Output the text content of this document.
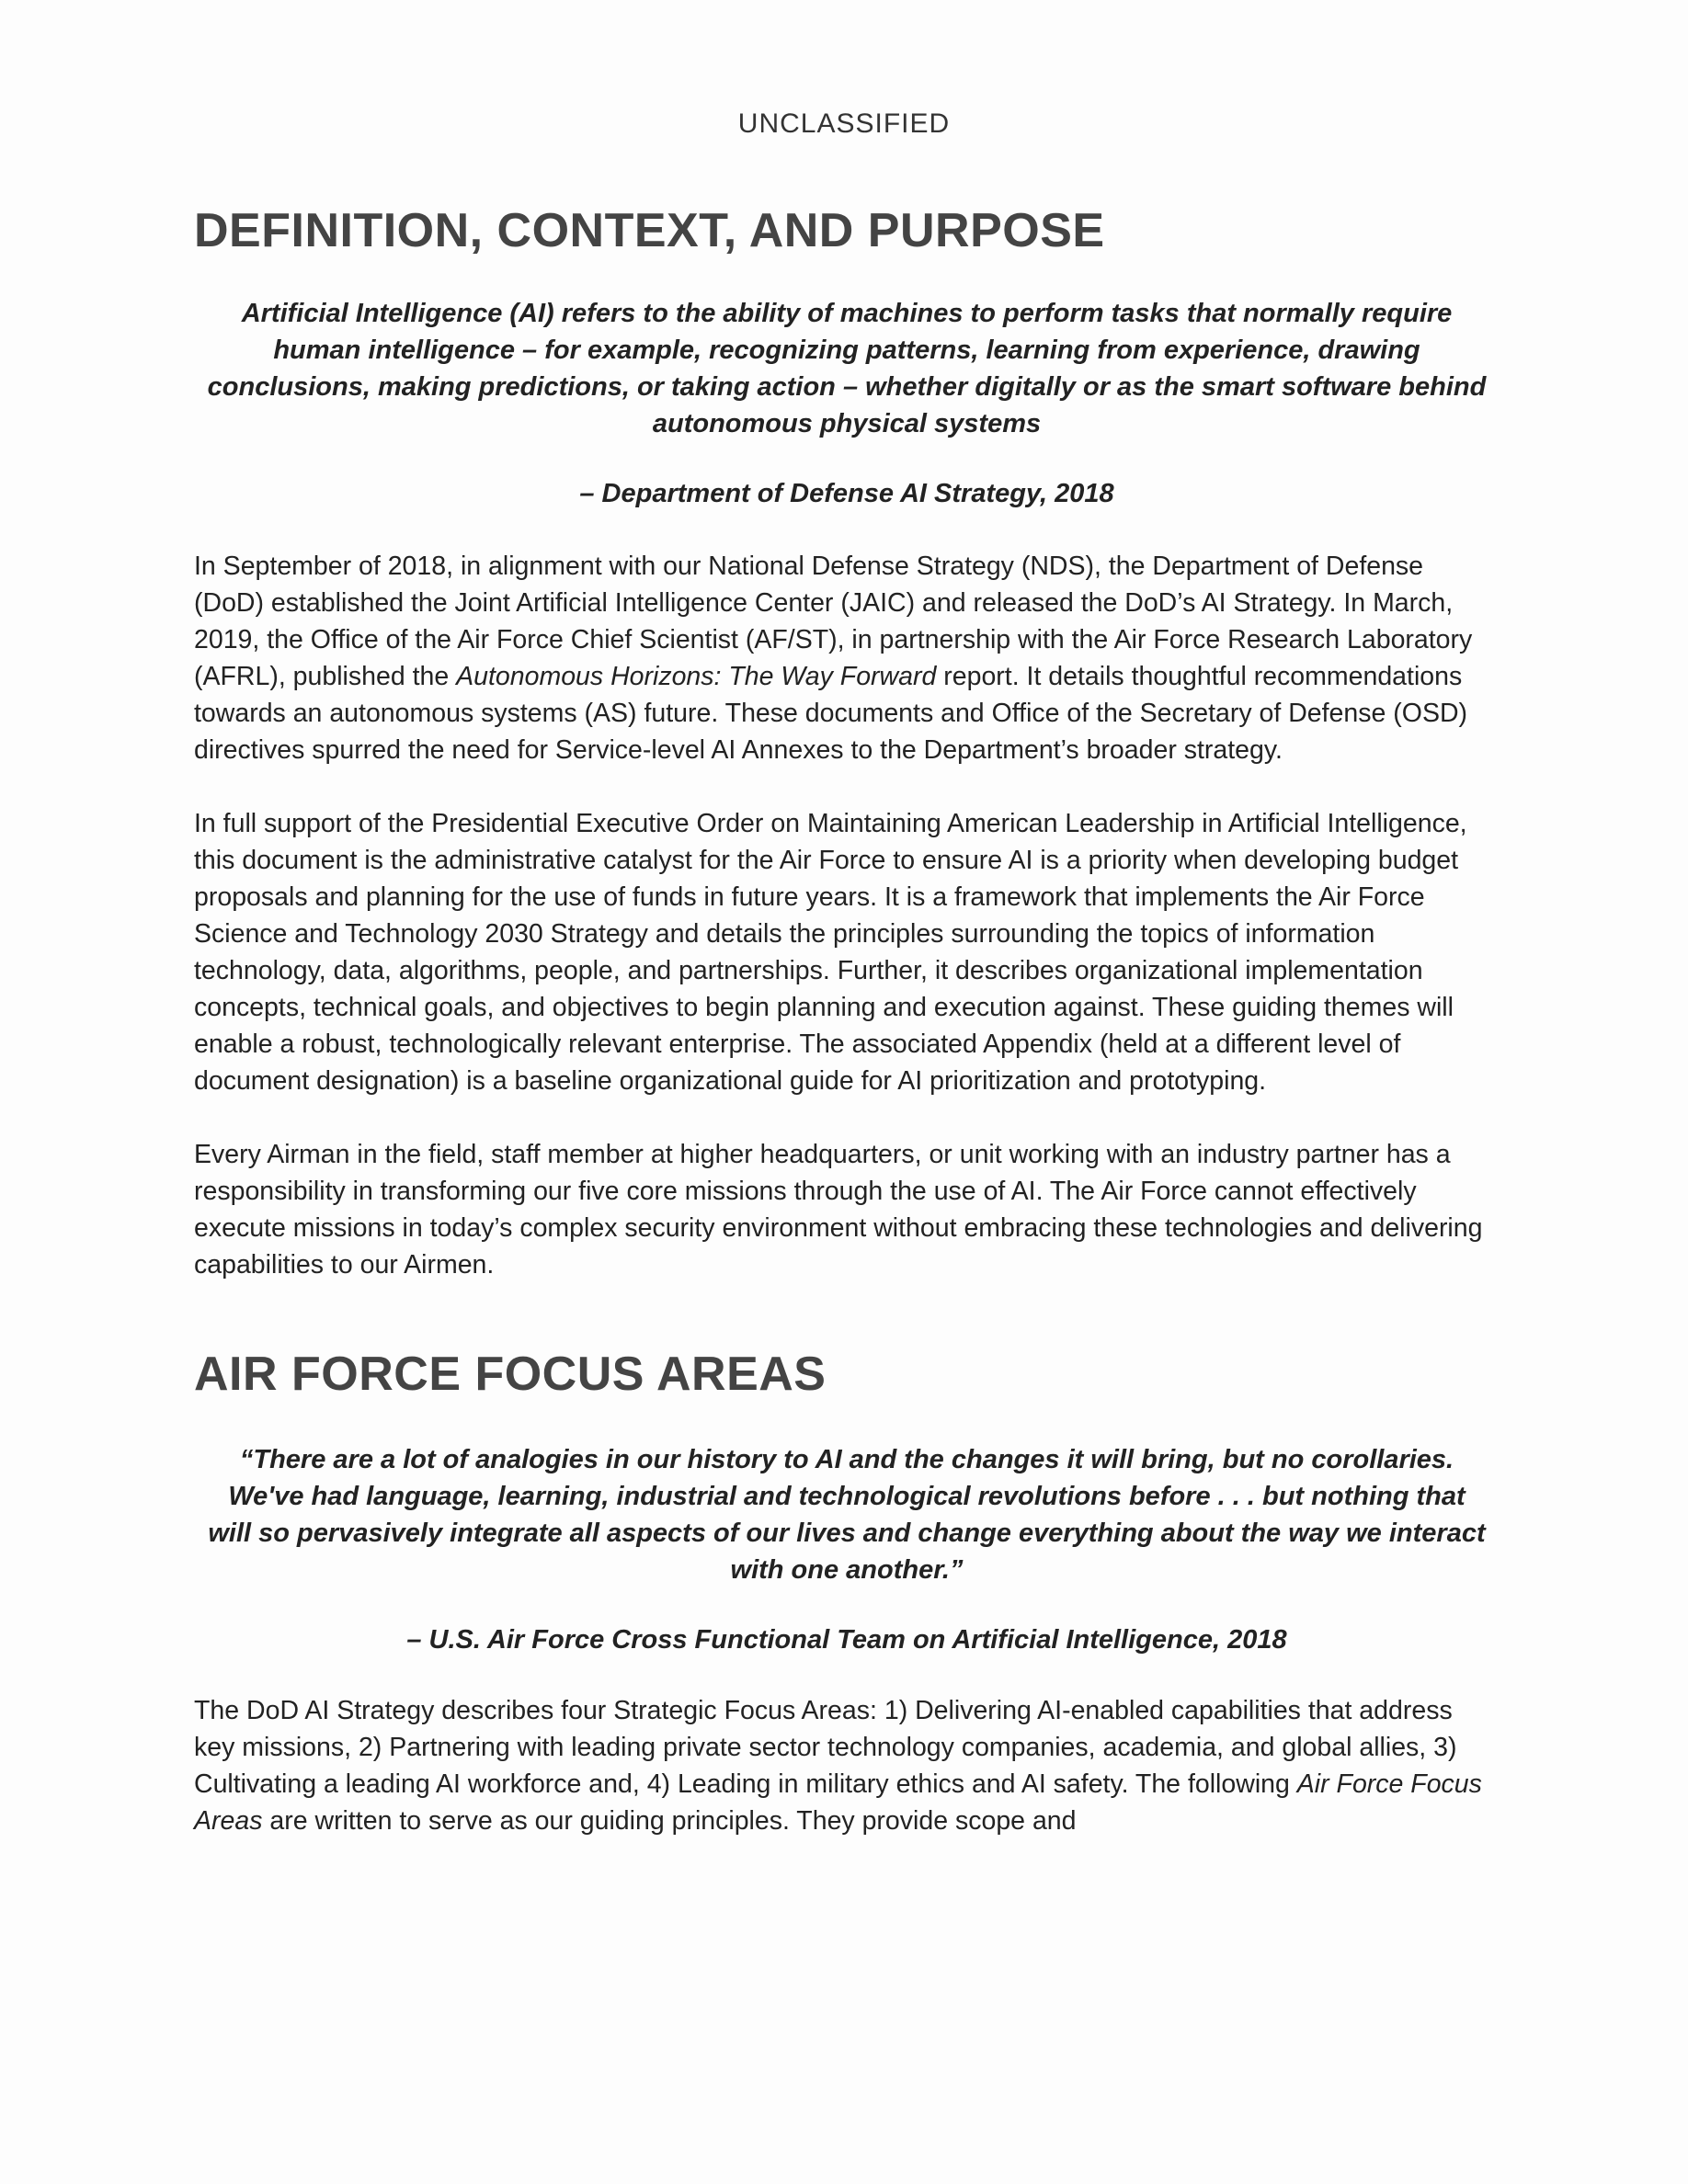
UNCLASSIFIED
DEFINITION, CONTEXT, AND PURPOSE

Artificial Intelligence (AI) refers to the ability of machines to perform tasks that normally require human intelligence – for example, recognizing patterns, learning from experience, drawing conclusions, making predictions, or taking action – whether digitally or as the smart software behind autonomous physical systems

– Department of Defense AI Strategy, 2018

In September of 2018, in alignment with our National Defense Strategy (NDS), the Department of Defense (DoD) established the Joint Artificial Intelligence Center (JAIC) and released the DoD’s AI Strategy. In March, 2019, the Office of the Air Force Chief Scientist (AF/ST), in partnership with the Air Force Research Laboratory (AFRL), published the Autonomous Horizons: The Way Forward report. It details thoughtful recommendations towards an autonomous systems (AS) future. These documents and Office of the Secretary of Defense (OSD) directives spurred the need for Service-level AI Annexes to the Department’s broader strategy.

In full support of the Presidential Executive Order on Maintaining American Leadership in Artificial Intelligence, this document is the administrative catalyst for the Air Force to ensure AI is a priority when developing budget proposals and planning for the use of funds in future years. It is a framework that implements the Air Force Science and Technology 2030 Strategy and details the principles surrounding the topics of information technology, data, algorithms, people, and partnerships. Further, it describes organizational implementation concepts, technical goals, and objectives to begin planning and execution against. These guiding themes will enable a robust, technologically relevant enterprise. The associated Appendix (held at a different level of document designation) is a baseline organizational guide for AI prioritization and prototyping.

Every Airman in the field, staff member at higher headquarters, or unit working with an industry partner has a responsibility in transforming our five core missions through the use of AI. The Air Force cannot effectively execute missions in today’s complex security environment without embracing these technologies and delivering capabilities to our Airmen.

AIR FORCE FOCUS AREAS

“There are a lot of analogies in our history to AI and the changes it will bring, but no corollaries. We've had language, learning, industrial and technological revolutions before . . . but nothing that will so pervasively integrate all aspects of our lives and change everything about the way we interact with one another.”

– U.S. Air Force Cross Functional Team on Artificial Intelligence, 2018

The DoD AI Strategy describes four Strategic Focus Areas: 1) Delivering AI-enabled capabilities that address key missions, 2) Partnering with leading private sector technology companies, academia, and global allies, 3) Cultivating a leading AI workforce and, 4) Leading in military ethics and AI safety. The following Air Force Focus Areas are written to serve as our guiding principles. They provide scope and
